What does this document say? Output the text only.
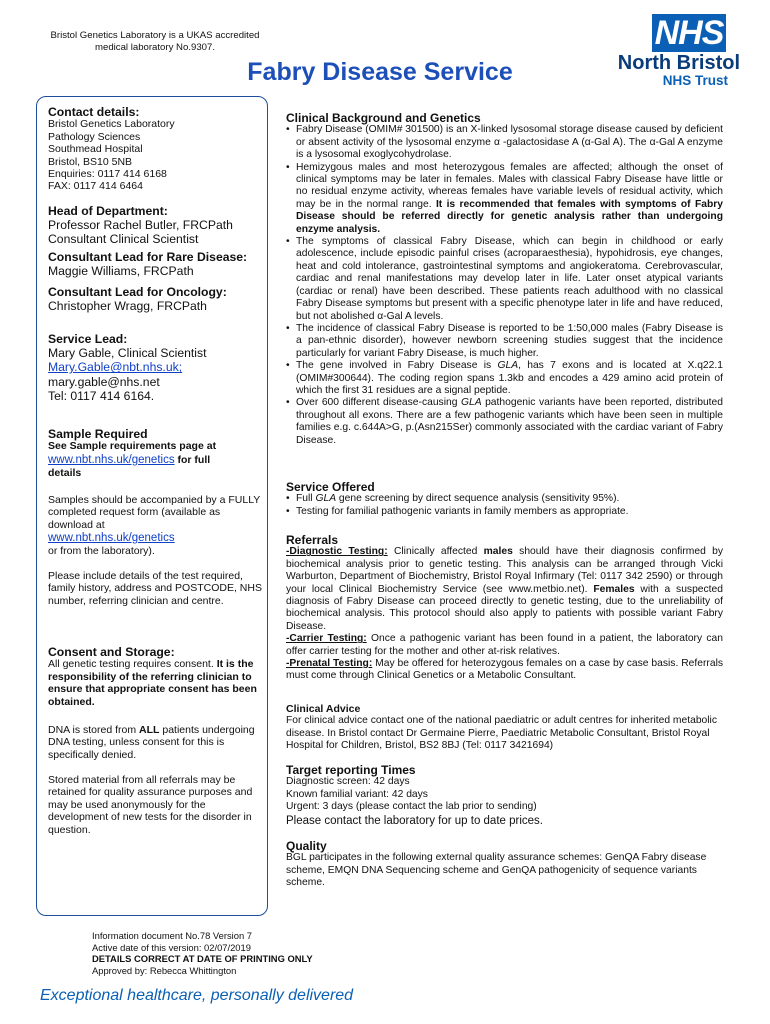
Bristol Genetics Laboratory is a UKAS accredited
medical laboratory No.9307.
Fabry Disease Service
NHS
North Bristol
NHS Trust
Contact details:
Bristol Genetics Laboratory
Pathology Sciences
Southmead Hospital
Bristol, BS10 5NB
Enquiries: 0117 414 6168
FAX: 0117 414 6464
Head of Department:
Professor Rachel Butler, FRCPath
Consultant Clinical Scientist
Consultant Lead for Rare Disease:
Maggie Williams, FRCPath
Consultant Lead for Oncology:
Christopher Wragg, FRCPath
Service Lead:
Mary Gable, Clinical Scientist
Mary.Gable@nbt.nhs.uk;
mary.gable@nhs.net
Tel: 0117 414 6164.
Sample Required
See Sample requirements page at
www.nbt.nhs.uk/genetics for full
details
Samples should be accompanied by a FULLY completed request form (available as download at
www.nbt.nhs.uk/genetics
or from the laboratory).
Please include details of the test required, family history, address and POSTCODE, NHS number, referring clinician and centre.
Consent and Storage:
All genetic testing requires consent. It is the responsibility of the referring clinician to ensure that appropriate consent has been obtained.
DNA is stored from ALL patients undergoing DNA testing, unless consent for this is specifically denied.
Stored material from all referrals may be retained for quality assurance purposes and may be used anonymously for the development of new tests for the disorder in question.
Clinical Background and Genetics
• Fabry Disease (OMIM# 301500) is an X-linked lysosomal storage disease caused by deficient or absent activity of the lysosomal enzyme α -galactosidase A (α-Gal A). The α-Gal A enzyme is a lysosomal exoglycohydrolase.
• Hemizygous males and most heterozygous females are affected; although the onset of clinical symptoms may be later in females. Males with classical Fabry Disease have little or no residual enzyme activity, whereas females have variable levels of residual activity, which may be in the normal range. It is recommended that females with symptoms of Fabry Disease should be referred directly for genetic analysis rather than undergoing enzyme analysis.
• The symptoms of classical Fabry Disease, which can begin in childhood or early adolescence, include episodic painful crises (acroparaesthesia), hypohidrosis, eye changes, heat and cold intolerance, gastrointestinal symptoms and angiokeratoma. Cerebrovascular, cardiac and renal manifestations may develop later in life. Later onset atypical variants (cardiac or renal) have been described. These patients reach adulthood with no classical Fabry Disease symptoms but present with a specific phenotype later in life and have reduced, but not abolished α-Gal A levels.
• The incidence of classical Fabry Disease is reported to be 1:50,000 males (Fabry Disease is a pan-ethnic disorder), however newborn screening studies suggest that the incidence particularly for variant Fabry Disease, is much higher.
• The gene involved in Fabry Disease is GLA, has 7 exons and is located at X.q22.1 (OMIM#300644). The coding region spans 1.3kb and encodes a 429 amino acid protein of which the first 31 residues are a signal peptide.
• Over 600 different disease-causing GLA pathogenic variants have been reported, distributed throughout all exons. There are a few pathogenic variants which have been seen in multiple families e.g. c.644A>G, p.(Asn215Ser) commonly associated with the cardiac variant of Fabry Disease.
Service Offered
• Full GLA gene screening by direct sequence analysis (sensitivity 95%).
• Testing for familial pathogenic variants in family members as appropriate.
Referrals
-Diagnostic Testing: Clinically affected males should have their diagnosis confirmed by biochemical analysis prior to genetic testing. This analysis can be arranged through Vicki Warburton, Department of Biochemistry, Bristol Royal Infirmary (Tel: 0117 342 2590) or through your local Clinical Biochemistry Service (see www.metbio.net). Females with a suspected diagnosis of Fabry Disease can proceed directly to genetic testing, due to the unreliability of biochemical analysis. This protocol should also apply to patients with possible variant Fabry Disease.
-Carrier Testing: Once a pathogenic variant has been found in a patient, the laboratory can offer carrier testing for the mother and other at-risk relatives.
-Prenatal Testing: May be offered for heterozygous females on a case by case basis. Referrals must come through Clinical Genetics or a Metabolic Consultant.
Clinical Advice
For clinical advice contact one of the national paediatric or adult centres for inherited metabolic disease. In Bristol contact Dr Germaine Pierre, Paediatric Metabolic Consultant, Bristol Royal Hospital for Children, Bristol, BS2 8BJ (Tel: 0117 3421694)
Target reporting Times
Diagnostic screen: 42 days
Known familial variant: 42 days
Urgent: 3 days (please contact the lab prior to sending)
Please contact the laboratory for up to date prices.
Quality
BGL participates in the following external quality assurance schemes: GenQA Fabry disease scheme, EMQN DNA Sequencing scheme and GenQA pathogenicity of sequence variants scheme.
Information document No.78 Version 7
Active date of this version: 02/07/2019
DETAILS CORRECT AT DATE OF PRINTING ONLY
Approved by: Rebecca Whittington
Exceptional healthcare, personally delivered
